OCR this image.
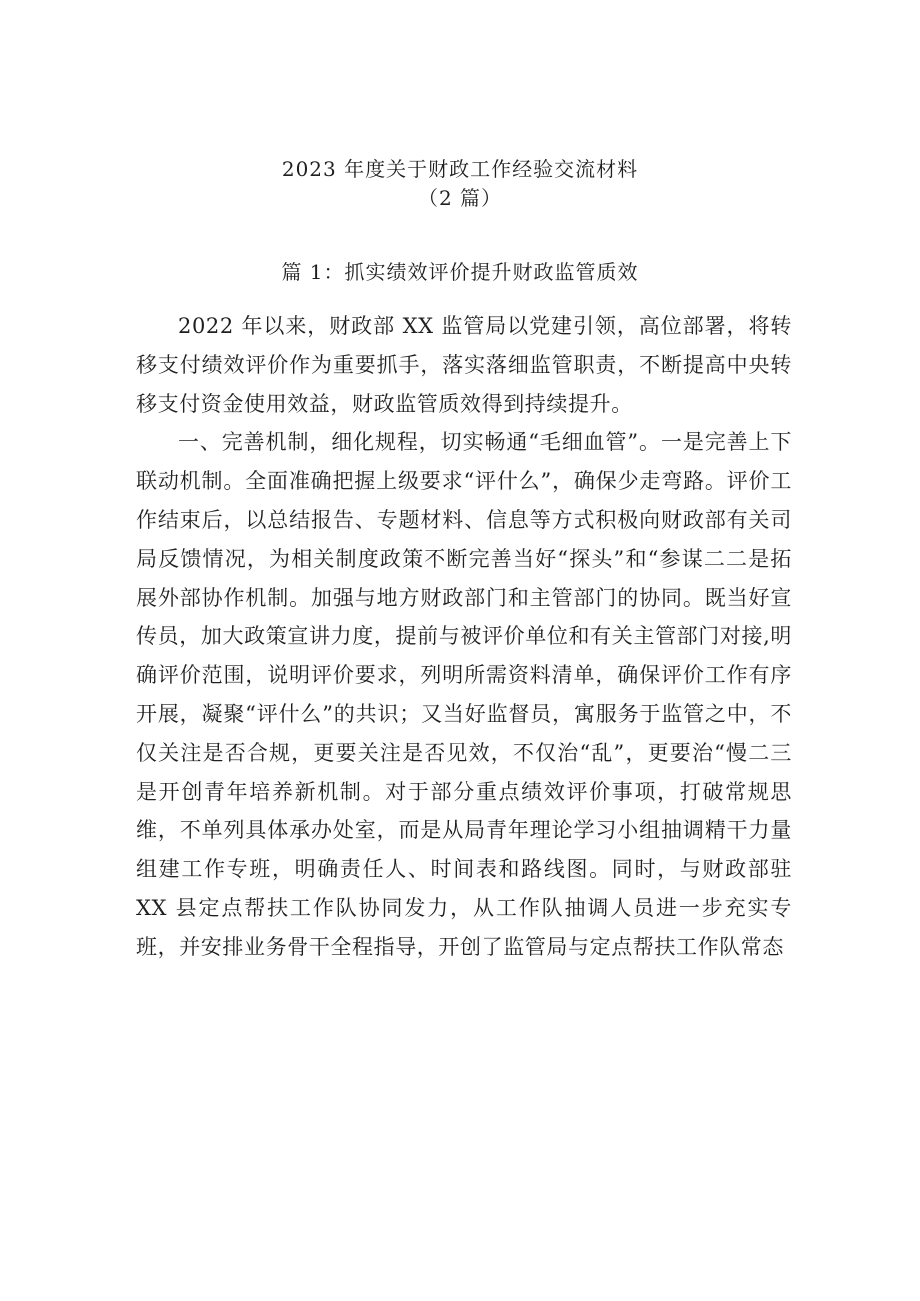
2023 年度关于财政工作经验交流材料
（2 篇）
篇 1：抓实绩效评价提升财政监管质效

2022 年以来，财政部 XX 监管局以党建引领，高位部署，将转移支付绩效评价作为重要抓手，落实落细监管职责，不断提高中央转移支付资金使用效益，财政监管质效得到持续提升。

一、完善机制，细化规程，切实畅通“毛细血管”。一是完善上下联动机制。全面准确把握上级要求“评什么”，确保少走弯路。评价工作结束后，以总结报告、专题材料、信息等方式积极向财政部有关司局反馈情况，为相关制度政策不断完善当好“探头”和“参谋二二是拓展外部协作机制。加强与地方财政部门和主管部门的协同。既当好宣传员，加大政策宣讲力度，提前与被评价单位和有关主管部门对接,明确评价范围，说明评价要求，列明所需资料清单，确保评价工作有序开展，凝聚“评什么”的共识；又当好监督员，寓服务于监管之中，不仅关注是否合规，更要关注是否见效，不仅治“乱”，更要治“慢二三是开创青年培养新机制。对于部分重点绩效评价事项，打破常规思维，不单列具体承办处室，而是从局青年理论学习小组抽调精干力量组建工作专班，明确责任人、时间表和路线图。同时，与财政部驻 XX 县定点帮扶工作队协同发力，从工作队抽调人员进一步充实专班，并安排业务骨干全程指导，开创了监管局与定点帮扶工作队常态
